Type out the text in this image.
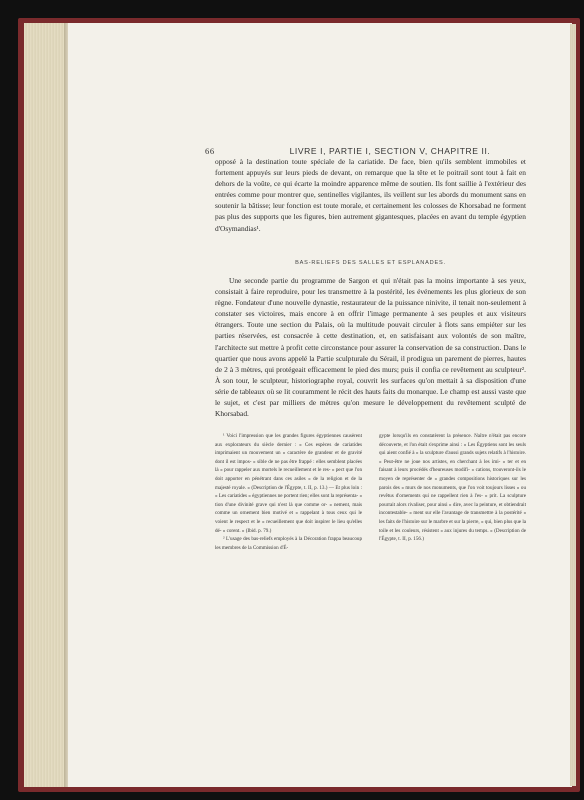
66	LIVRE I, PARTIE I, SECTION V, CHAPITRE II.

opposé à la destination toute spéciale de la cariatide. De face, bien qu'ils semblent immobiles et fortement appuyés sur leurs pieds de devant, on remarque que la tête et le poitrail sont tout à fait en dehors de la voûte, ce qui écarte la moindre apparence même de soutien. Ils font saillie à l'extérieur des entrées comme pour montrer que, sentinelles vigilantes, ils veillent sur les abords du monument sans en soutenir la bâtisse; leur fonction est toute morale, et certainement les colosses de Khorsabad ne forment pas plus des supports que les figures, bien autrement gigantesques, placées en avant du temple égyptien d'Osymandias¹.

BAS-RELIEFS DES SALLES ET ESPLANADES.

Une seconde partie du programme de Sargon et qui n'était pas la moins importante à ses yeux, consistait à faire reproduire, pour les transmettre à la postérité, les événements les plus glorieux de son règne. Fondateur d'une nouvelle dynastie, restaurateur de la puissance ninivite, il tenait non-seulement à constater ses victoires, mais encore à en offrir l'image permanente à ses peuples et aux visiteurs étrangers. Toute une section du Palais, où la multitude pouvait circuler à flots sans empiéter sur les parties réservées, est consacrée à cette destination, et, en satisfaisant aux volontés de son maître, l'architecte sut mettre à profit cette circonstance pour assurer la conservation de sa construction. Dans le quartier que nous avons appelé la Partie sculpturale du Sérail, il prodigua un parement de pierres, hautes de 2 à 3 mètres, qui protégeait efficacement le pied des murs; puis il confia ce revêtement au sculpteur². À son tour, le sculpteur, historiographe royal, couvrit les surfaces qu'on mettait à sa disposition d'une série de tableaux où se lit couramment le récit des hauts faits du monarque. Le champ est aussi vaste que le sujet, et c'est par milliers de mètres qu'on mesure le développement du revêtement sculpté de Khorsabad.

¹ Voici l'impression que les grandes figures égyptiennes causèrent aux explorateurs du siècle dernier : « Ces espèces de cariatides imprimaient un mouvement un « caractère de grandeur et de gravité dont il est impos- « sible de ne pas être frappé : elles semblent placées là « pour rappeler aux mortels le recueillement et le res- « pect que l'on doit apporter en pénétrant dans ces asiles « de la religion et de la majesté royale. » (Description de l'Égypte, t. II, p. 13.) — Et plus loin : « Les cariatides « égyptiennes ne portent rien; elles sont la représenta- « tion d'une divinité grave qui n'est là que comme or- « nement, mais comme un ornement bien motivé et « rappelant à tous ceux qui le voient le respect et le « recueillement que doit inspirer le lieu qu'elles dé- « corent. » (Ibid. p. 79.)

² L'usage des bas-reliefs employés à la Décoration frappa beaucoup les membres de la Commission d'É-

gypte lorsqu'ils en constatèrent la présence. Naître n'était pas encore découverte, et l'on était s'exprime ainsi : « Les Égyptiens sont les seuls qui aient confié à « la sculpture d'aussi grands sujets relatifs à l'histoire. « Peut-être ne joue nos artistes, en cherchant à les imi- « ter et en faisant à leurs procédés d'heureuses modifi- « cations, trouveront-ils le moyen de représenter de « grandes compositions historiques sur les parois des « murs de nos monuments, que l'on voit toujours lisses « ou revêtus d'ornements qui ne rappellent rien à l'es- « prit. La sculpture pourrait alors rivaliser, pour ainsi « dire, avec la peinture, et obtiendrait incontestable- « ment sur elle l'avantage de transmettre à la postérité « les faits de l'histoire sur le marbre et sur la pierre, « qui, bien plus que la toile et les couleurs, résistent « aux injures du temps. » (Description de l'Égypte, t. II, p. 156.)
